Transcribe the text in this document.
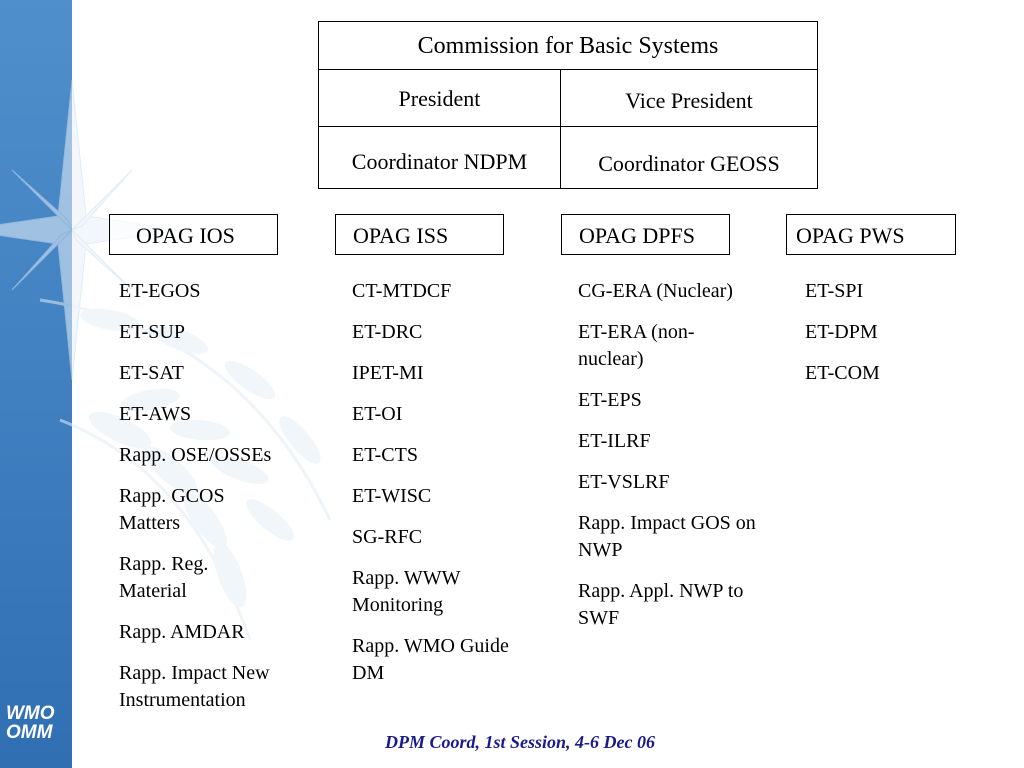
WMO
OMM
Commission for Basic Systems
President	Vice President
Coordinator NDPM	Coordinator GEOSS
OPAG IOS	OPAG ISS	OPAG DPFS	OPAG PWS
ET-EGOS
ET-SUP
ET-SAT
ET-AWS
Rapp. OSE/OSSEs
Rapp. GCOS Matters
Rapp. Reg. Material
Rapp. AMDAR
Rapp. Impact New Instrumentation
CT-MTDCF
ET-DRC
IPET-MI
ET-OI
ET-CTS
ET-WISC
SG-RFC
Rapp. WWW Monitoring
Rapp. WMO Guide DM
CG-ERA (Nuclear)
ET-ERA (non-nuclear)
ET-EPS
ET-ILRF
ET-VSLRF
Rapp. Impact GOS on NWP
Rapp. Appl. NWP to SWF
ET-SPI
ET-DPM
ET-COM
DPM Coord, 1st Session, 4-6 Dec 06
